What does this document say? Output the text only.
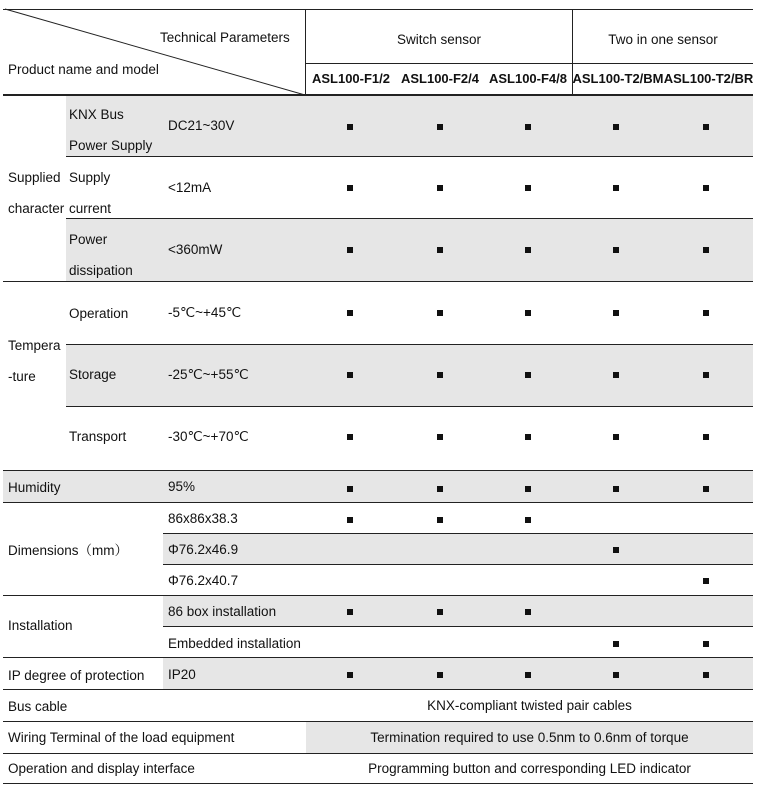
Technical Parameters
Product name and model
Switch sensor	Two in one sensor
ASL100-F1/2 ASL100-F2/4 ASL100-F4/8 ASL100-T2/BM ASL100-T2/BR
Supplied
character
Tempera
-ture
Humidity
Dimensions（mm）
Installation
IP degree of protection
Bus cable
Wiring Terminal of the load equipment
Operation and display interface
KNX Bus
Power Supply
Supply
current
Power
dissipation
Operation
Storage
Transport
DC21~30V
<12mA
<360mW
-5℃~+45℃
-25℃~+55℃
-30℃~+70℃
95%
86x86x38.3
Φ76.2x46.9
Φ76.2x40.7
86 box installation
Embedded installation
IP20
KNX-compliant twisted pair cables
Termination required to use 0.5nm to 0.6nm of torque
Programming button and corresponding LED indicator
